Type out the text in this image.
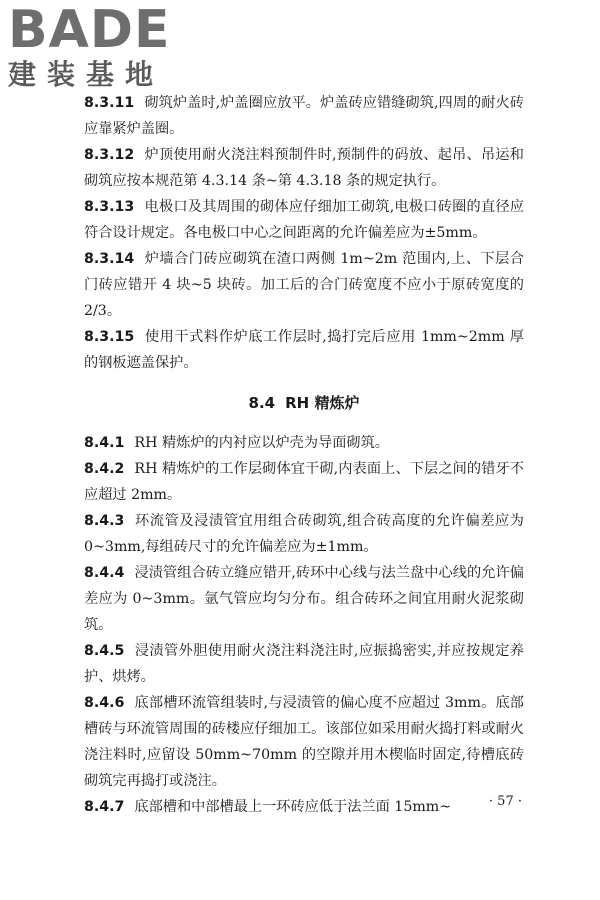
BADE
建装基地

8.3.11 砌筑炉盖时,炉盖圈应放平。炉盖砖应错缝砌筑,四周的耐火砖应靠紧炉盖圈。

8.3.12 炉顶使用耐火浇注料预制件时,预制件的码放、起吊、吊运和砌筑应按本规范第 4.3.14 条~第 4.3.18 条的规定执行。

8.3.13 电极口及其周围的砌体应仔细加工砌筑,电极口砖圈的直径应符合设计规定。各电极口中心之间距离的允许偏差应为±5mm。

8.3.14 炉墙合门砖应砌筑在渣口两侧 1m~2m 范围内,上、下层合门砖应错开 4 块~5 块砖。加工后的合门砖宽度不应小于原砖宽度的 2/3。

8.3.15 使用干式料作炉底工作层时,捣打完后应用 1mm~2mm 厚的钢板遮盖保护。

8.4 RH 精炼炉

8.4.1 RH 精炼炉的内衬应以炉壳为导面砌筑。

8.4.2 RH 精炼炉的工作层砌体宜干砌,内表面上、下层之间的错牙不应超过 2mm。

8.4.3 环流管及浸渍管宜用组合砖砌筑,组合砖高度的允许偏差应为 0~3mm,每组砖尺寸的允许偏差应为±1mm。

8.4.4 浸渍管组合砖立缝应错开,砖环中心线与法兰盘中心线的允许偏差应为 0~3mm。氩气管应均匀分布。组合砖环之间宜用耐火泥浆砌筑。

8.4.5 浸渍管外胆使用耐火浇注料浇注时,应振捣密实,并应按规定养护、烘烤。

8.4.6 底部槽环流管组装时,与浸渍管的偏心度不应超过 3mm。底部槽砖与环流管周围的砖楼应仔细加工。该部位如采用耐火捣打料或耐火浇注料时,应留设 50mm~70mm 的空隙并用木楔临时固定,待槽底砖砌筑完再捣打或浇注。

8.4.7 底部槽和中部槽最上一环砖应低于法兰面 15mm~	· 57 ·
